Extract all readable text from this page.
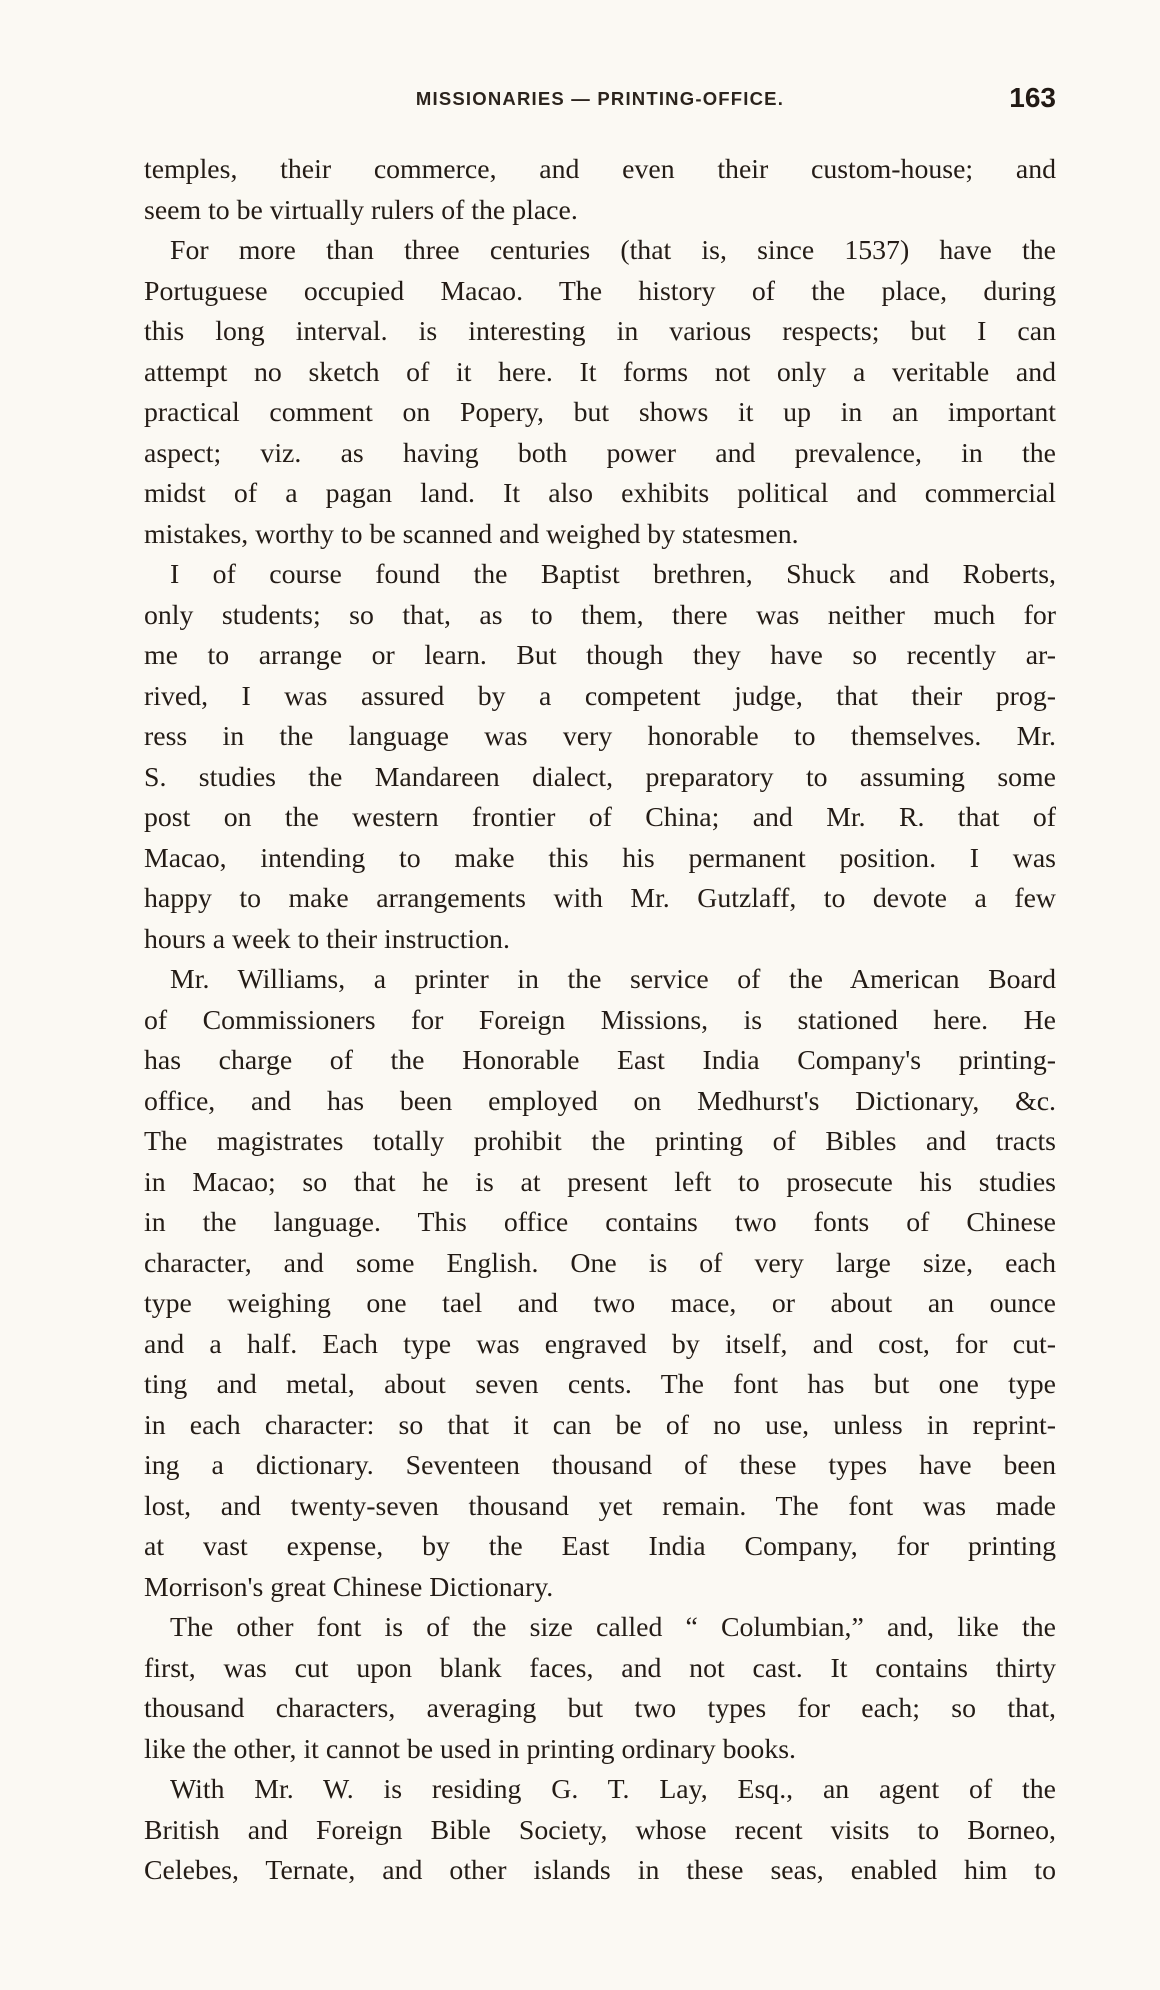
MISSIONARIES — PRINTING-OFFICE.	163
temples, their commerce, and even their custom-house; and
seem to be virtually rulers of the place.
For more than three centuries (that is, since 1537) have the
Portuguese occupied Macao. The history of the place, during
this long interval. is interesting in various respects; but I can
attempt no sketch of it here. It forms not only a veritable and
practical comment on Popery, but shows it up in an important
aspect; viz. as having both power and prevalence, in the
midst of a pagan land. It also exhibits political and commercial
mistakes, worthy to be scanned and weighed by statesmen.
I of course found the Baptist brethren, Shuck and Roberts,
only students; so that, as to them, there was neither much for
me to arrange or learn. But though they have so recently ar-
rived, I was assured by a competent judge, that their prog-
ress in the language was very honorable to themselves. Mr.
S. studies the Mandareen dialect, preparatory to assuming some
post on the western frontier of China; and Mr. R. that of
Macao, intending to make this his permanent position. I was
happy to make arrangements with Mr. Gutzlaff, to devote a few
hours a week to their instruction.
Mr. Williams, a printer in the service of the American Board
of Commissioners for Foreign Missions, is stationed here. He
has charge of the Honorable East India Company's printing-
office, and has been employed on Medhurst's Dictionary, &c.
The magistrates totally prohibit the printing of Bibles and tracts
in Macao; so that he is at present left to prosecute his studies
in the language. This office contains two fonts of Chinese
character, and some English. One is of very large size, each
type weighing one tael and two mace, or about an ounce
and a half. Each type was engraved by itself, and cost, for cut-
ting and metal, about seven cents. The font has but one type
in each character: so that it can be of no use, unless in reprint-
ing a dictionary. Seventeen thousand of these types have been
lost, and twenty-seven thousand yet remain. The font was made
at vast expense, by the East India Company, for printing
Morrison's great Chinese Dictionary.
The other font is of the size called “ Columbian,” and, like the
first, was cut upon blank faces, and not cast. It contains thirty
thousand characters, averaging but two types for each; so that,
like the other, it cannot be used in printing ordinary books.
With Mr. W. is residing G. T. Lay, Esq., an agent of the
British and Foreign Bible Society, whose recent visits to Borneo,
Celebes, Ternate, and other islands in these seas, enabled him to
